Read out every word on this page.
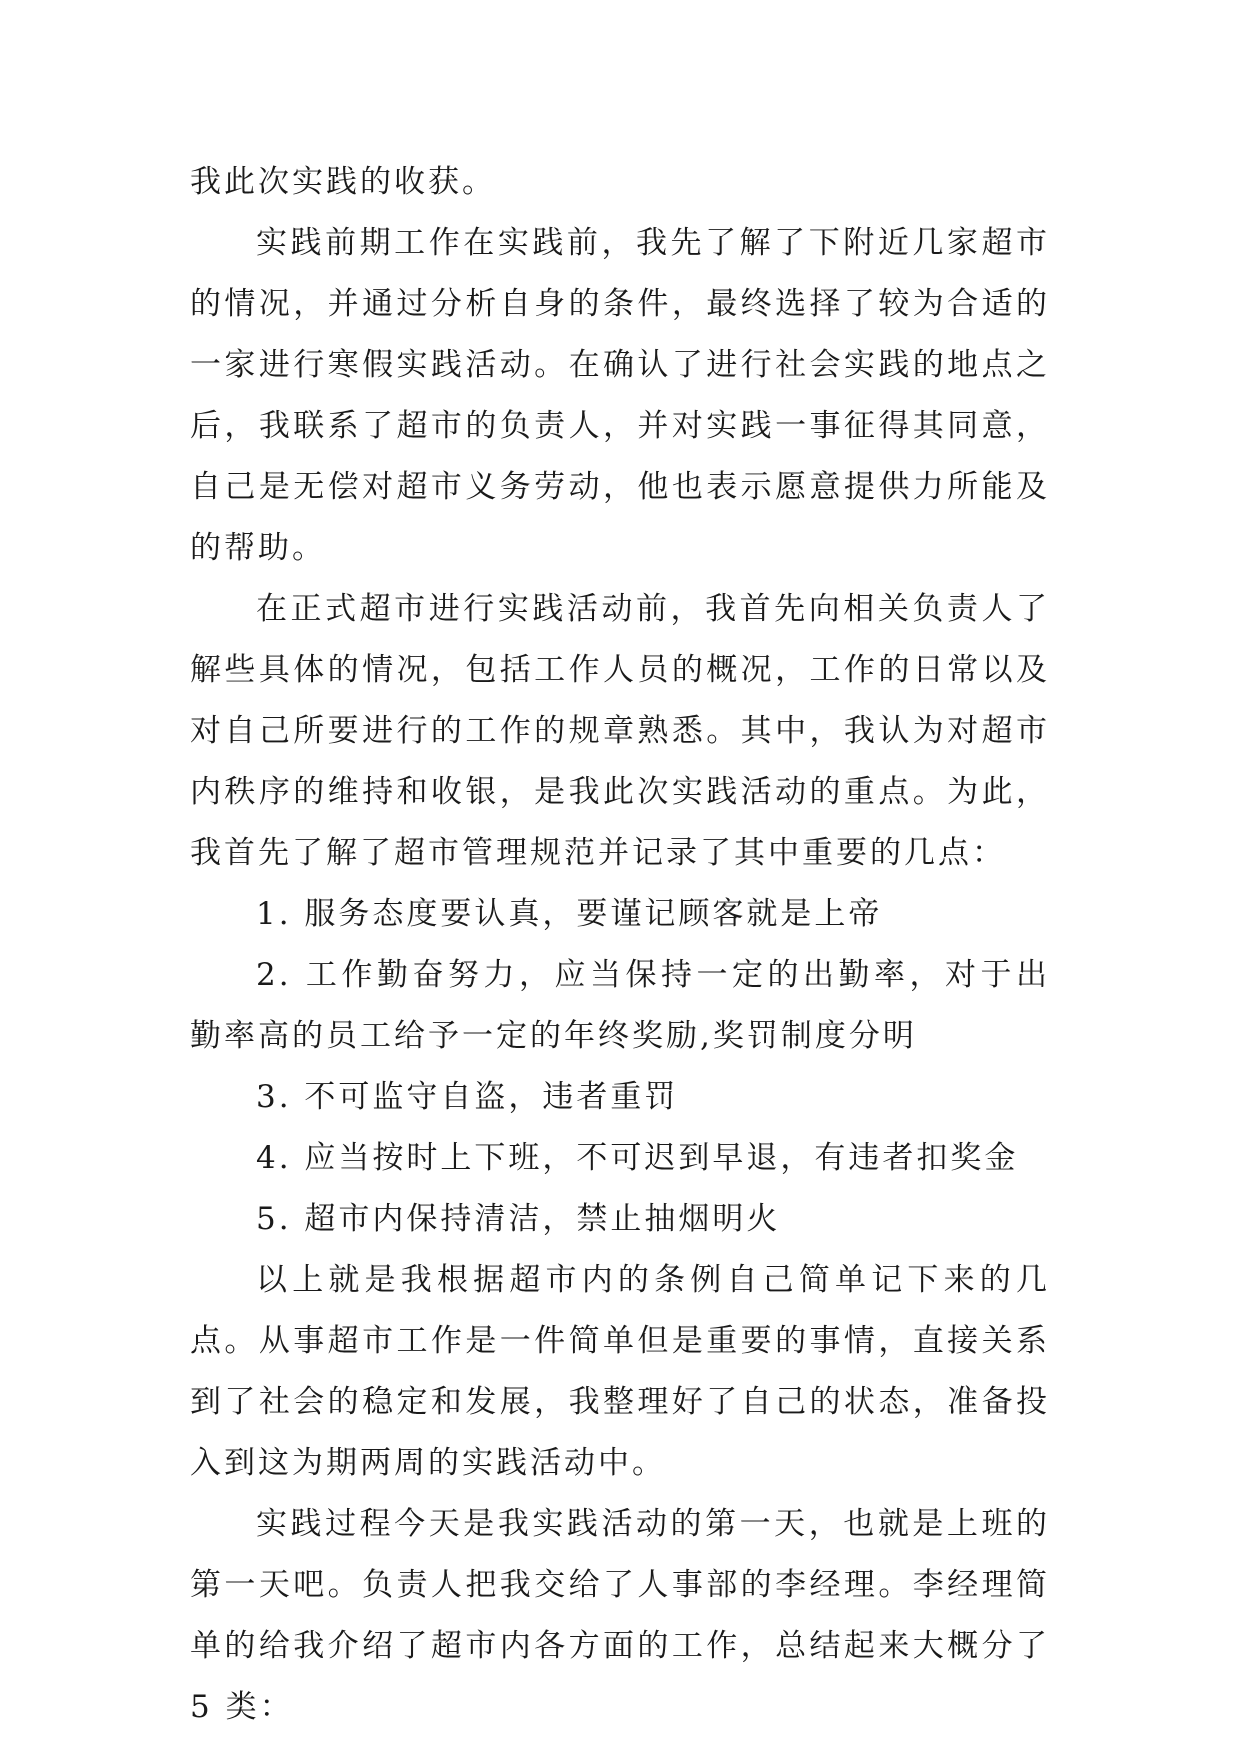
我此次实践的收获。

实践前期工作在实践前，我先了解了下附近几家超市的情况，并通过分析自身的条件，最终选择了较为合适的一家进行寒假实践活动。在确认了进行社会实践的地点之后，我联系了超市的负责人，并对实践一事征得其同意，自己是无偿对超市义务劳动，他也表示愿意提供力所能及的帮助。

在正式超市进行实践活动前，我首先向相关负责人了解些具体的情况，包括工作人员的概况，工作的日常以及对自己所要进行的工作的规章熟悉。其中，我认为对超市内秩序的维持和收银，是我此次实践活动的重点。为此，我首先了解了超市管理规范并记录了其中重要的几点：

1. 服务态度要认真，要谨记顾客就是上帝

2. 工作勤奋努力，应当保持一定的出勤率，对于出勤率高的员工给予一定的年终奖励,奖罚制度分明

3. 不可监守自盗，违者重罚

4. 应当按时上下班，不可迟到早退，有违者扣奖金

5. 超市内保持清洁，禁止抽烟明火

以上就是我根据超市内的条例自己简单记下来的几点。从事超市工作是一件简单但是重要的事情，直接关系到了社会的稳定和发展，我整理好了自己的状态，准备投入到这为期两周的实践活动中。

实践过程今天是我实践活动的第一天，也就是上班的第一天吧。负责人把我交给了人事部的李经理。李经理简单的给我介绍了超市内各方面的工作，总结起来大概分了 5 类：
